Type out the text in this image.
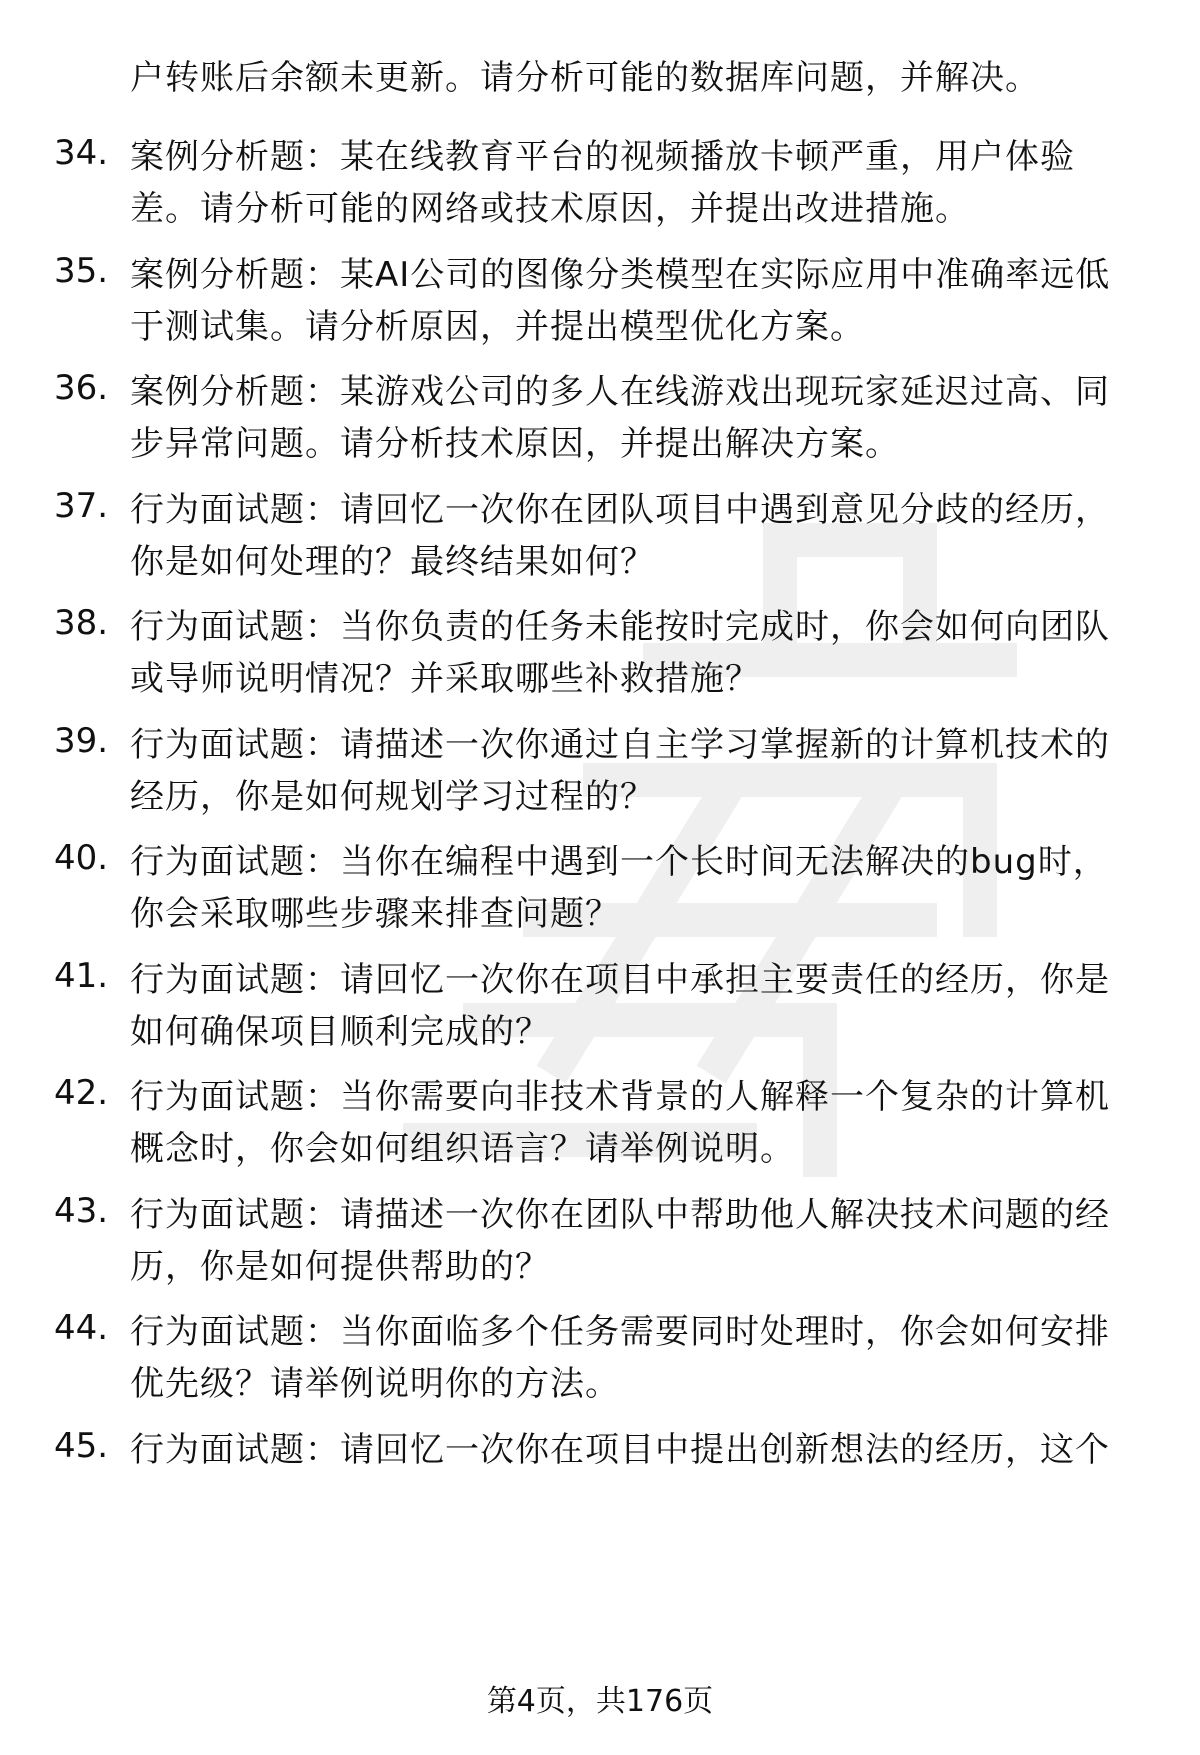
户转账后余额未更新。请分析可能的数据库问题，并解决。
34. 案例分析题：某在线教育平台的视频播放卡顿严重，用户体验差。请分析可能的网络或技术原因，并提出改进措施。
35. 案例分析题：某AI公司的图像分类模型在实际应用中准确率远低于测试集。请分析原因，并提出模型优化方案。
36. 案例分析题：某游戏公司的多人在线游戏出现玩家延迟过高、同步异常问题。请分析技术原因，并提出解决方案。
37. 行为面试题：请回忆一次你在团队项目中遇到意见分歧的经历，你是如何处理的？最终结果如何？
38. 行为面试题：当你负责的任务未能按时完成时，你会如何向团队或导师说明情况？并采取哪些补救措施？
39. 行为面试题：请描述一次你通过自主学习掌握新的计算机技术的经历，你是如何规划学习过程的？
40. 行为面试题：当你在编程中遇到一个长时间无法解决的bug时，你会采取哪些步骤来排查问题？
41. 行为面试题：请回忆一次你在项目中承担主要责任的经历，你是如何确保项目顺利完成的？
42. 行为面试题：当你需要向非技术背景的人解释一个复杂的计算机概念时，你会如何组织语言？请举例说明。
43. 行为面试题：请描述一次你在团队中帮助他人解决技术问题的经历，你是如何提供帮助的？
44. 行为面试题：当你面临多个任务需要同时处理时，你会如何安排优先级？请举例说明你的方法。
45. 行为面试题：请回忆一次你在项目中提出创新想法的经历，这个
第4页，共176页
